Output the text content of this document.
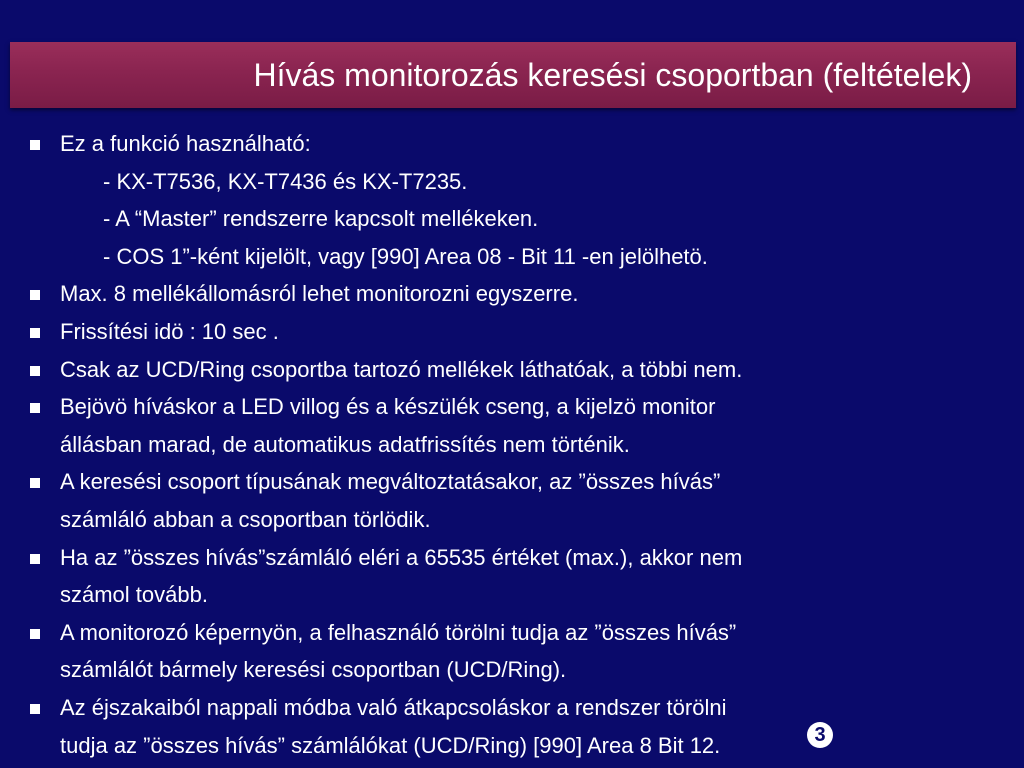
Hívás monitorozás keresési csoportban (feltételek)
Ez a funkció használható:
- KX-T7536, KX-T7436 és KX-T7235.
- A “Master” rendszerre kapcsolt mellékeken.
- COS 1”-ként kijelölt, vagy [990] Area 08 - Bit 11 -en jelölhetö.
Max. 8 mellékállomásról lehet monitorozni egyszerre.
Frissítési idö : 10 sec .
Csak az UCD/Ring csoportba tartozó mellékek láthatóak, a többi nem.
Bejövö híváskor a LED villog és a készülék cseng, a kijelzö monitor
állásban marad, de automatikus adatfrissítés nem történik.
A keresési csoport típusának megváltoztatásakor, az ”összes hívás”
számláló abban a csoportban törlödik.
Ha az ”összes hívás”számláló eléri a 65535 értéket (max.), akkor nem
számol tovább.
A monitorozó képernyön, a felhasználó törölni tudja az ”összes hívás”
számlálót bármely keresési csoportban (UCD/Ring).
Az éjszakaiból nappali módba való átkapcsoláskor a rendszer törölni
tudja az ”összes hívás” számlálókat (UCD/Ring) [990] Area 8 Bit 12.	3
